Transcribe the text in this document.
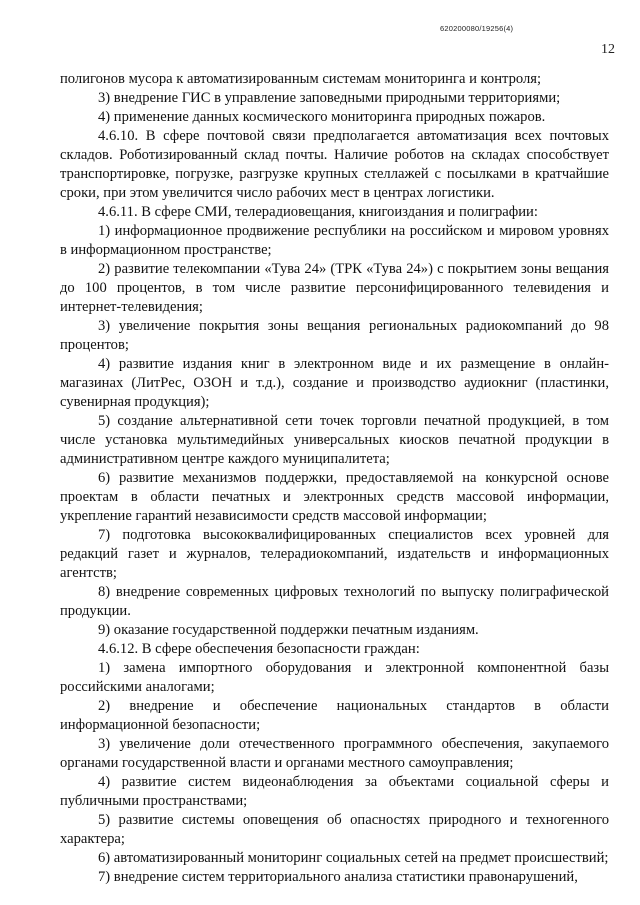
620200080/19256(4)
12

полигонов мусора к автоматизированным системам мониторинга и контроля;

3) внедрение ГИС в управление заповедными природными территориями;

4) применение данных космического мониторинга природных пожаров.

4.6.10. В сфере почтовой связи предполагается автоматизация всех почтовых складов. Роботизированный склад почты. Наличие роботов на складах способствует транспортировке, погрузке, разгрузке крупных стеллажей с посылками в кратчайшие сроки, при этом увеличится число рабочих мест в центрах логистики.

4.6.11. В сфере СМИ, телерадиовещания, книгоиздания и полиграфии:

1) информационное продвижение республики на российском и мировом уровнях в информационном пространстве;

2) развитие телекомпании «Тува 24» (ТРК «Тува 24») с покрытием зоны вещания до 100 процентов, в том числе развитие персонифицированного телевидения и интернет-телевидения;

3) увеличение покрытия зоны вещания региональных радиокомпаний до 98 процентов;

4) развитие издания книг в электронном виде и их размещение в онлайн-магазинах (ЛитРес, ОЗОН и т.д.), создание и производство аудиокниг (пластинки, сувенирная продукция);

5) создание альтернативной сети точек торговли печатной продукцией, в том числе установка мультимедийных универсальных киосков печатной продукции в административном центре каждого муниципалитета;

6) развитие механизмов поддержки, предоставляемой на конкурсной основе проектам в области печатных и электронных средств массовой информации, укрепление гарантий независимости средств массовой информации;

7) подготовка высококвалифицированных специалистов всех уровней для редакций газет и журналов, телерадиокомпаний, издательств и информационных агентств;

8) внедрение современных цифровых технологий по выпуску полиграфической продукции.

9) оказание государственной поддержки печатным изданиям.

4.6.12. В сфере обеспечения безопасности граждан:

1) замена импортного оборудования и электронной компонентной базы российскими аналогами;

2) внедрение и обеспечение национальных стандартов в области информационной безопасности;

3) увеличение доли отечественного программного обеспечения, закупаемого органами государственной власти и органами местного самоуправления;

4) развитие систем видеонаблюдения за объектами социальной сферы и публичными пространствами;

5) развитие системы оповещения об опасностях природного и техногенного характера;

6) автоматизированный мониторинг социальных сетей на предмет происшествий;

7) внедрение систем территориального анализа статистики правонарушений,
